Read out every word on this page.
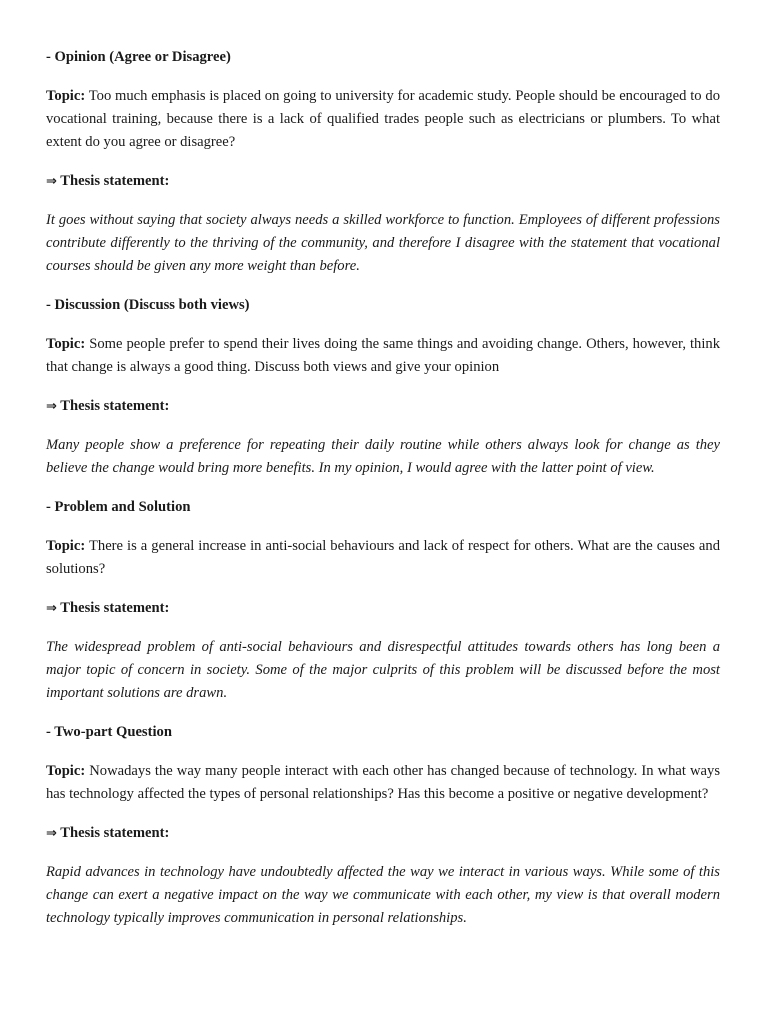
- Opinion (Agree or Disagree)

Topic: Too much emphasis is placed on going to university for academic study. People should be encouraged to do vocational training, because there is a lack of qualified trades people such as electricians or plumbers. To what extent do you agree or disagree?

⇒ Thesis statement:

It goes without saying that society always needs a skilled workforce to function. Employees of different professions contribute differently to the thriving of the community, and therefore I disagree with the statement that vocational courses should be given any more weight than before.

- Discussion (Discuss both views)

Topic: Some people prefer to spend their lives doing the same things and avoiding change. Others, however, think that change is always a good thing. Discuss both views and give your opinion

⇒ Thesis statement:

Many people show a preference for repeating their daily routine while others always look for change as they believe the change would bring more benefits. In my opinion, I would agree with the latter point of view.

- Problem and Solution

Topic: There is a general increase in anti-social behaviours and lack of respect for others. What are the causes and solutions?

⇒ Thesis statement:

The widespread problem of anti-social behaviours and disrespectful attitudes towards others has long been a major topic of concern in society. Some of the major culprits of this problem will be discussed before the most important solutions are drawn.

- Two-part Question

Topic: Nowadays the way many people interact with each other has changed because of technology. In what ways has technology affected the types of personal relationships? Has this become a positive or negative development?

⇒ Thesis statement:

Rapid advances in technology have undoubtedly affected the way we interact in various ways. While some of this change can exert a negative impact on the way we communicate with each other, my view is that overall modern technology typically improves communication in personal relationships.
